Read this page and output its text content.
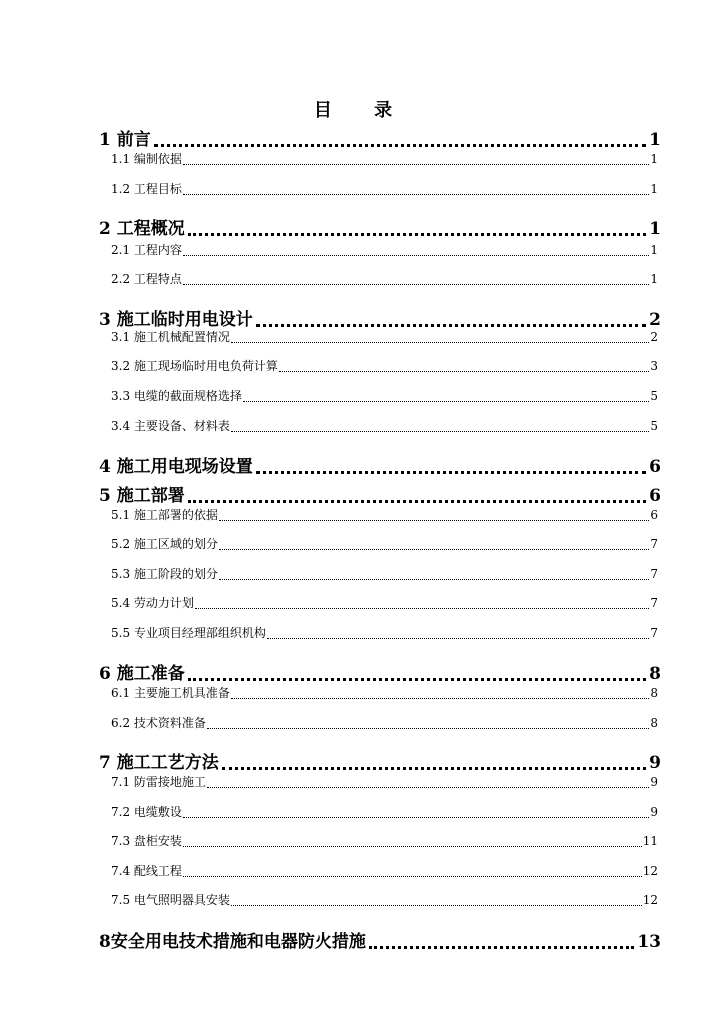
目 录
1 前言	1
1.1 编制依据	1
1.2 工程目标	1
2 工程概况	1
2.1 工程内容	1
2.2 工程特点	1
3 施工临时用电设计	2
3.1 施工机械配置情况	2
3.2 施工现场临时用电负荷计算	3
3.3 电缆的截面规格选择	5
3.4 主要设备、材料表	5
4 施工用电现场设置	6
5 施工部署	6
5.1 施工部署的依据	6
5.2 施工区域的划分	7
5.3 施工阶段的划分	7
5.4 劳动力计划	7
5.5 专业项目经理部组织机构	7
6 施工准备	8
6.1 主要施工机具准备	8
6.2 技术资料准备	8
7 施工工艺方法	9
7.1 防雷接地施工	9
7.2 电缆敷设	9
7.3 盘柜安装	11
7.4 配线工程	12
7.5 电气照明器具安装	12
8安全用电技术措施和电器防火措施	13
